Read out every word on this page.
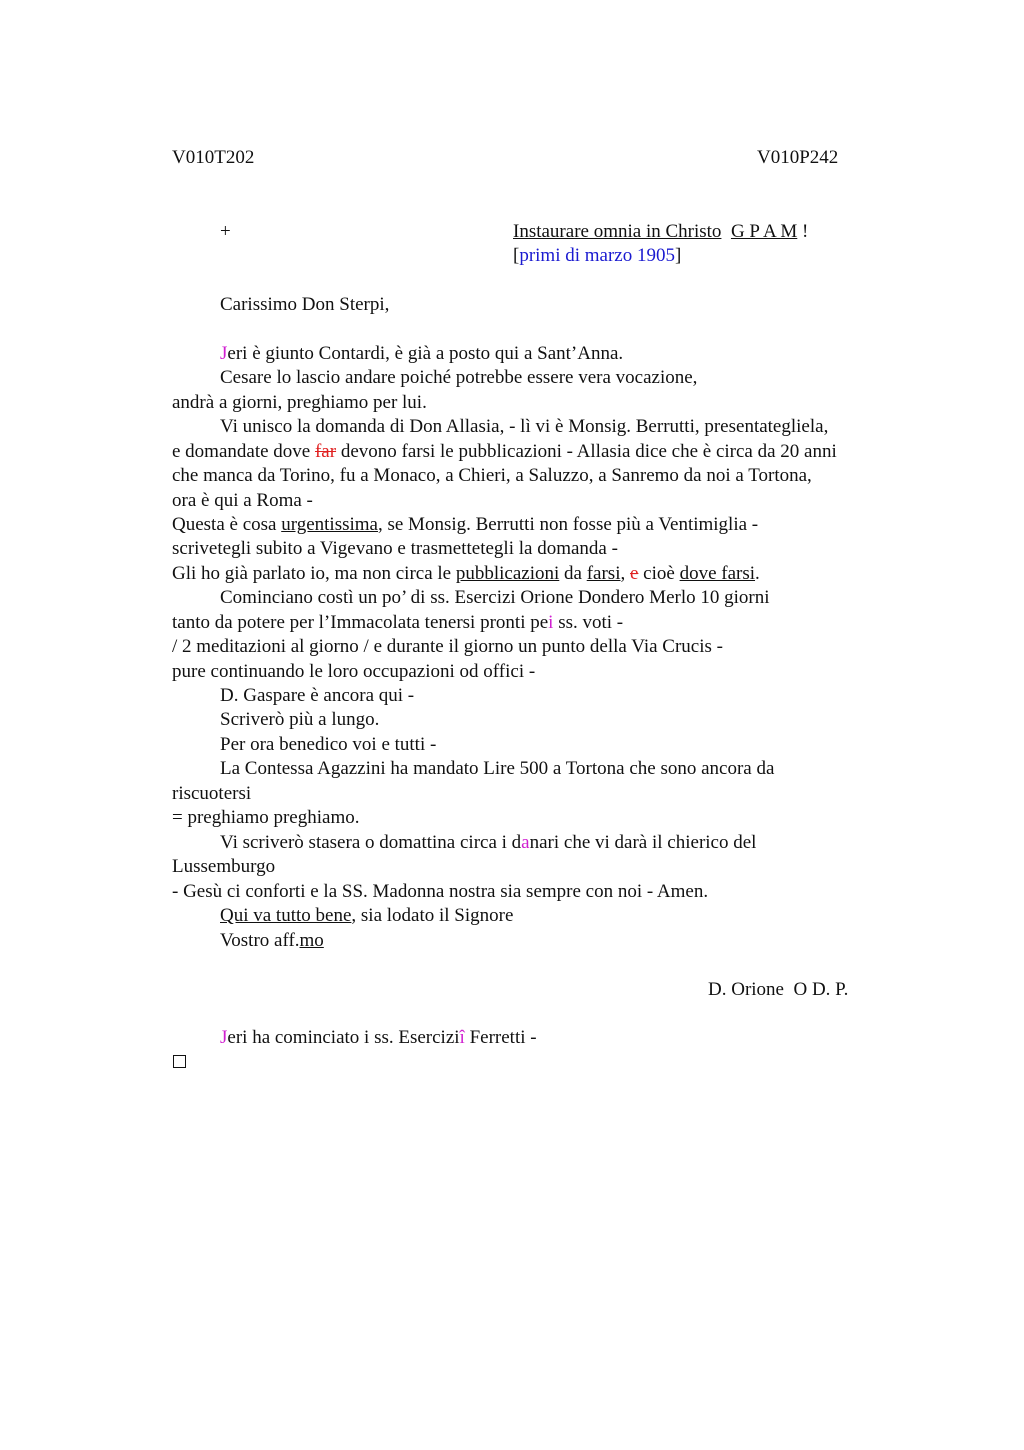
V010T202	V010P242
+	Instaurare omnia in Christo G P A M !
[primi di marzo 1905]
Carissimo Don Sterpi,
Jeri è giunto Contardi, è già a posto qui a Sant’Anna.
Cesare lo lascio andare poiché potrebbe essere vera vocazione,
andrà a giorni, preghiamo per lui.
Vi unisco la domanda di Don Allasia, - lì vi è Monsig. Berrutti, presentategliela,
e domandate dove far devono farsi le pubblicazioni - Allasia dice che è circa da 20 anni
che manca da Torino, fu a Monaco, a Chieri, a Saluzzo, a Sanremo da noi a Tortona,
ora è qui a Roma -
Questa è cosa urgentissima, se Monsig. Berrutti non fosse più a Ventimiglia -
scrivetegli subito a Vigevano e trasmettetegli la domanda -
Gli ho già parlato io, ma non circa le pubblicazioni da farsi, e cioè dove farsi.
Cominciano costì un po’ di ss. Esercizi Orione Dondero Merlo 10 giorni
tanto da potere per l’Immacolata tenersi pronti pei ss. voti -
/ 2 meditazioni al giorno / e durante il giorno un punto della Via Crucis -
pure continuando le loro occupazioni od offici -
D. Gaspare è ancora qui -
Scriverò più a lungo.
Per ora benedico voi e tutti -
La Contessa Agazzini ha mandato Lire 500 a Tortona che sono ancora da
riscuotersi
= preghiamo preghiamo.
Vi scriverò stasera o domattina circa i danari che vi darà il chierico del
Lussemburgo
- Gesù ci conforti e la SS. Madonna nostra sia sempre con noi - Amen.
Qui va tutto bene, sia lodato il Signore
Vostro aff.mo
D. Orione  O D. P.
Jeri ha cominciato i ss. Eserciziî Ferretti -
